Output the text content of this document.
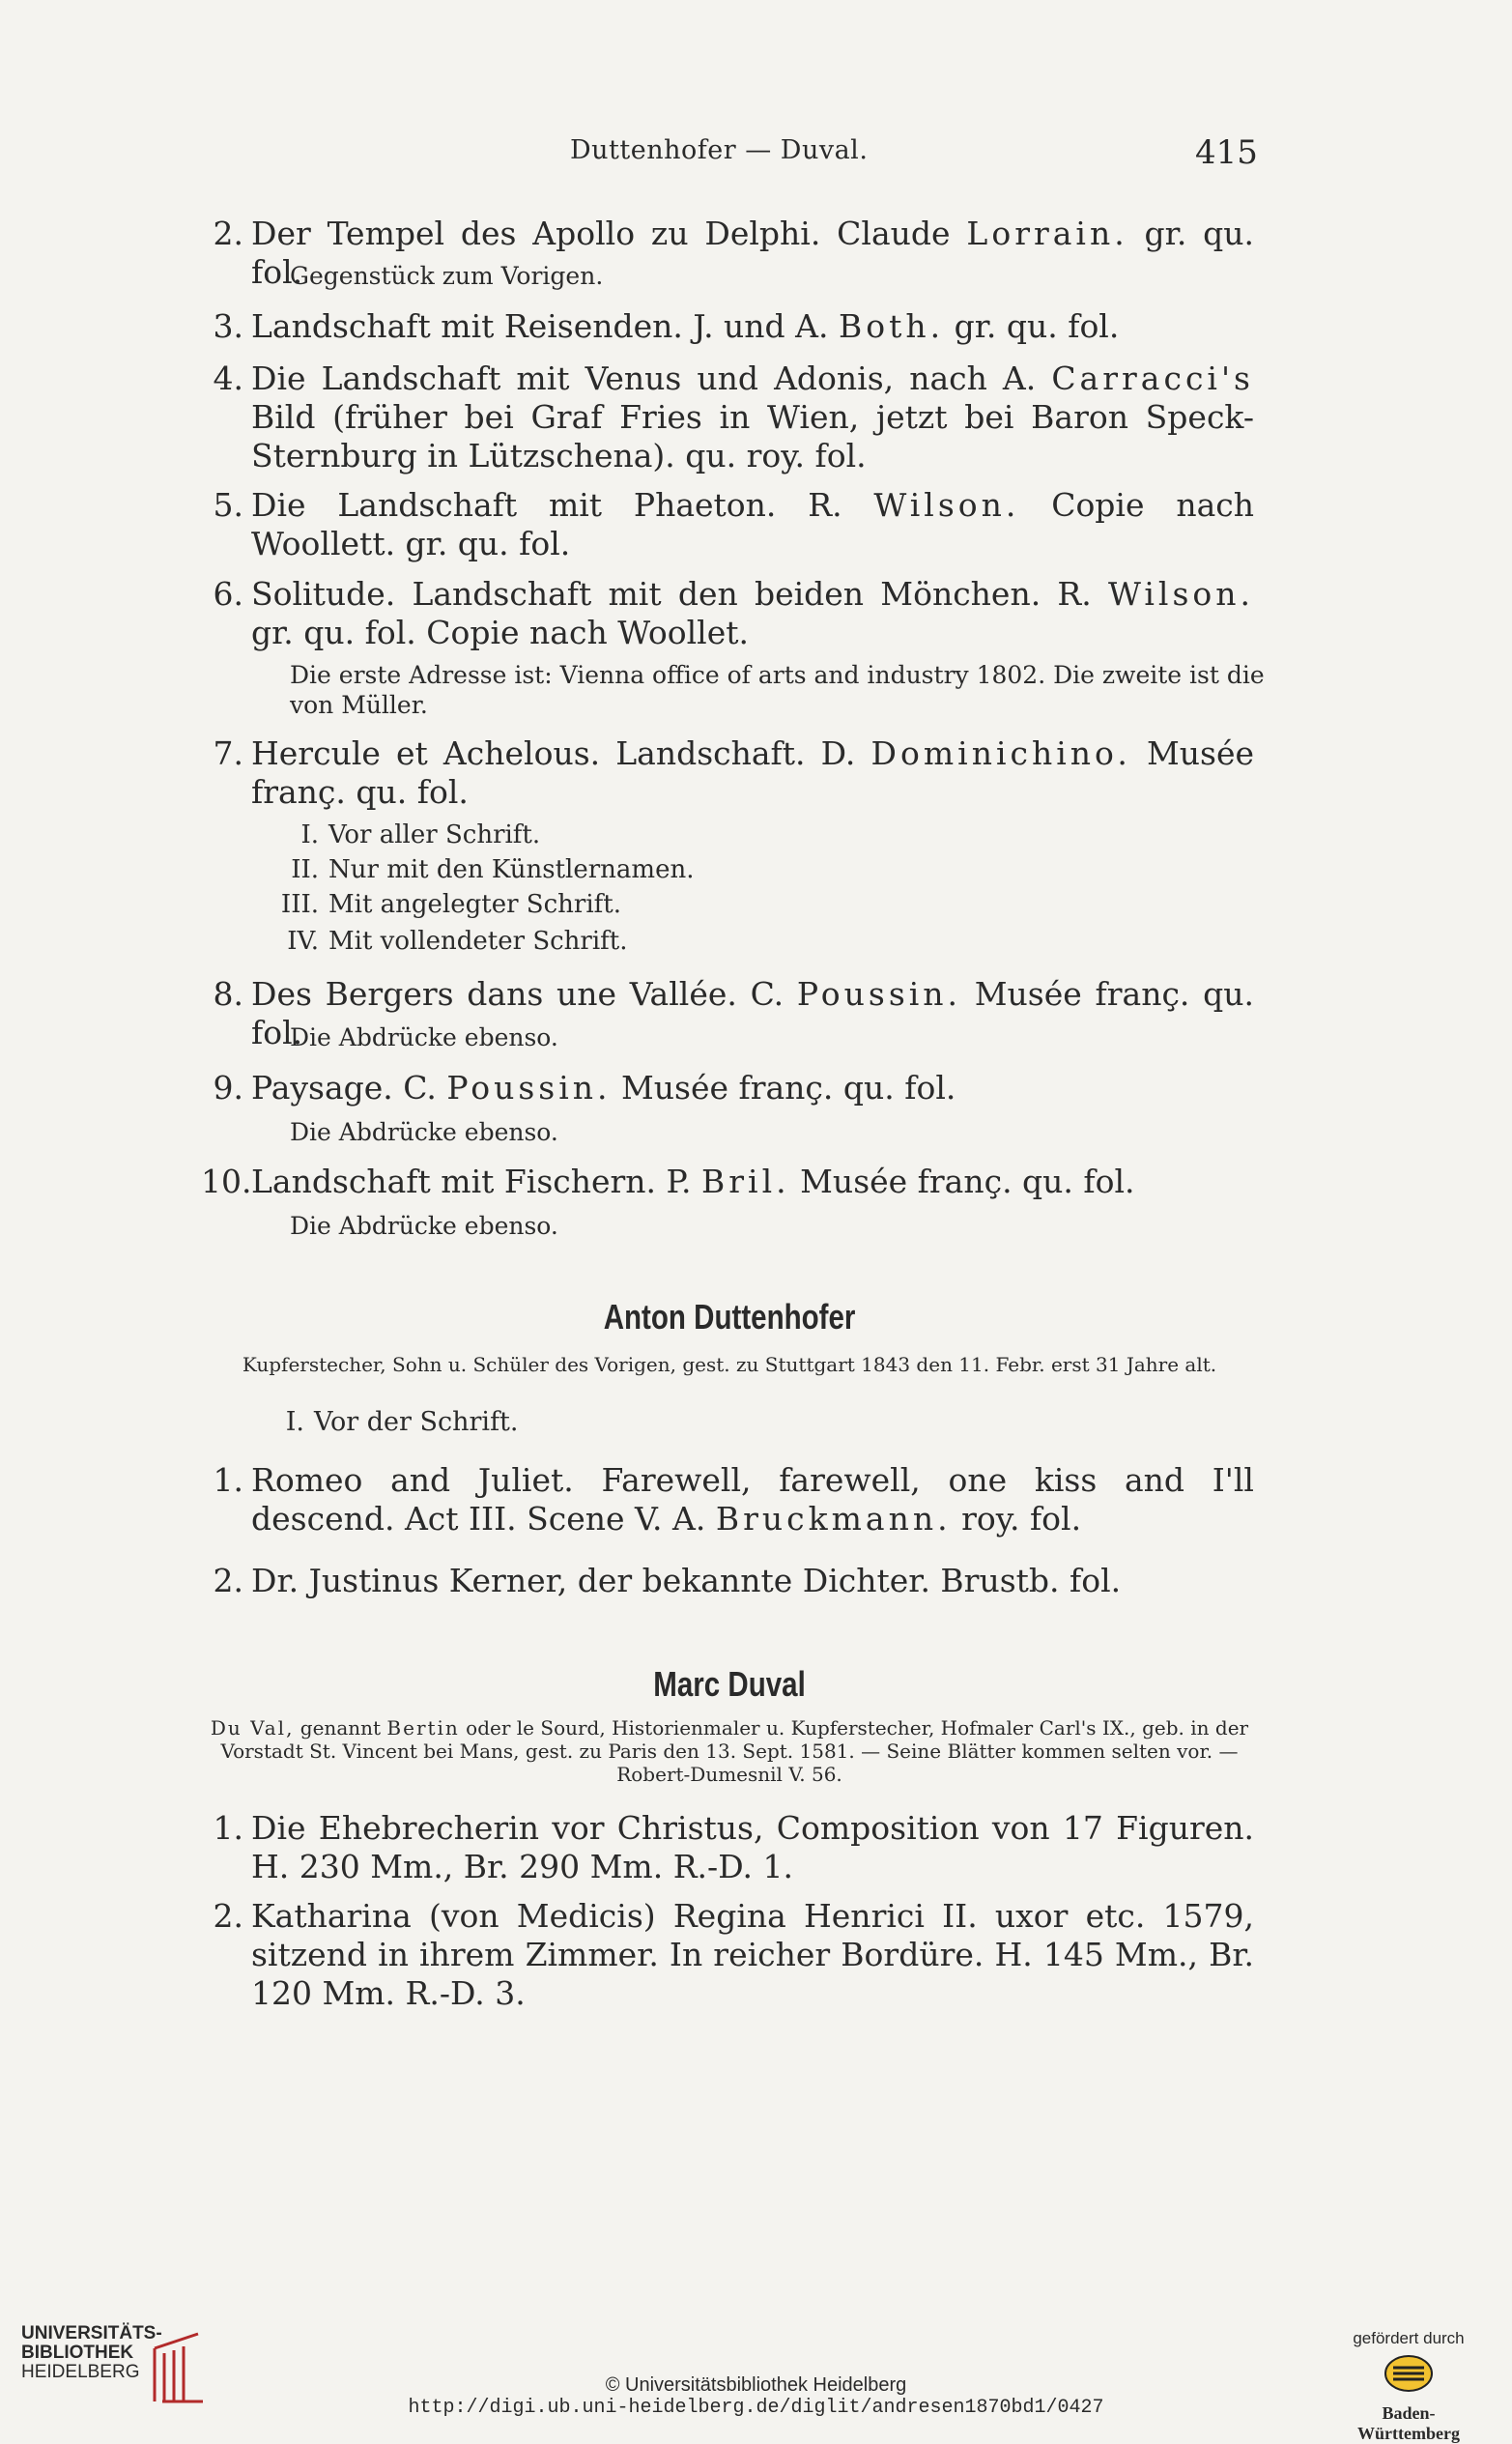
Duttenhofer — Duval.	415
2. Der Tempel des Apollo zu Delphi. Claude Lorrain. gr. qu. fol.
Gegenstück zum Vorigen.
3. Landschaft mit Reisenden. J. und A. Both. gr. qu. fol.
4. Die Landschaft mit Venus und Adonis, nach A. Carracci's Bild (früher bei Graf Fries in Wien, jetzt bei Baron Speck-Sternburg in Lützschena). qu. roy. fol.
5. Die Landschaft mit Phaeton. R. Wilson. Copie nach Woollett. gr. qu. fol.
6. Solitude. Landschaft mit den beiden Mönchen. R. Wilson. gr. qu. fol. Copie nach Woollet.
Die erste Adresse ist: Vienna office of arts and industry 1802. Die zweite ist die von Müller.
7. Hercule et Achelous. Landschaft. D. Dominichino. Musée franç. qu. fol.
I. Vor aller Schrift.
II. Nur mit den Künstlernamen.
III. Mit angelegter Schrift.
IV. Mit vollendeter Schrift.
8. Des Bergers dans une Vallée. C. Poussin. Musée franç. qu. fol.
Die Abdrücke ebenso.
9. Paysage. C. Poussin. Musée franç. qu. fol.
Die Abdrücke ebenso.
10. Landschaft mit Fischern. P. Bril. Musée franç. qu. fol.
Die Abdrücke ebenso.
Anton Duttenhofer
Kupferstecher, Sohn u. Schüler des Vorigen, gest. zu Stuttgart 1843 den 11. Febr. erst 31 Jahre alt.
I. Vor der Schrift.
1. Romeo and Juliet. Farewell, farewell, one kiss and I'll descend. Act III. Scene V. A. Bruckmann. roy. fol.
2. Dr. Justinus Kerner, der bekannte Dichter. Brustb. fol.
Marc Duval
Du Val, genannt Bertin oder le Sourd, Historienmaler u. Kupferstecher, Hofmaler Carl's IX., geb. in der Vorstadt St. Vincent bei Mans, gest. zu Paris den 13. Sept. 1581. — Seine Blätter kommen selten vor. — Robert-Dumesnil V. 56.
1. Die Ehebrecherin vor Christus, Composition von 17 Figuren. H. 230 Mm., Br. 290 Mm. R.-D. 1.
2. Katharina (von Medicis) Regina Henrici II. uxor etc. 1579, sitzend in ihrem Zimmer. In reicher Bordüre. H. 145 Mm., Br. 120 Mm. R.-D. 3.
UNIVERSITÄTS-
BIBLIOTHEK
HEIDELBERG
© Universitätsbibliothek Heidelberg
http://digi.ub.uni-heidelberg.de/diglit/andresen1870bd1/0427
gefördert durch
Baden-Württemberg
